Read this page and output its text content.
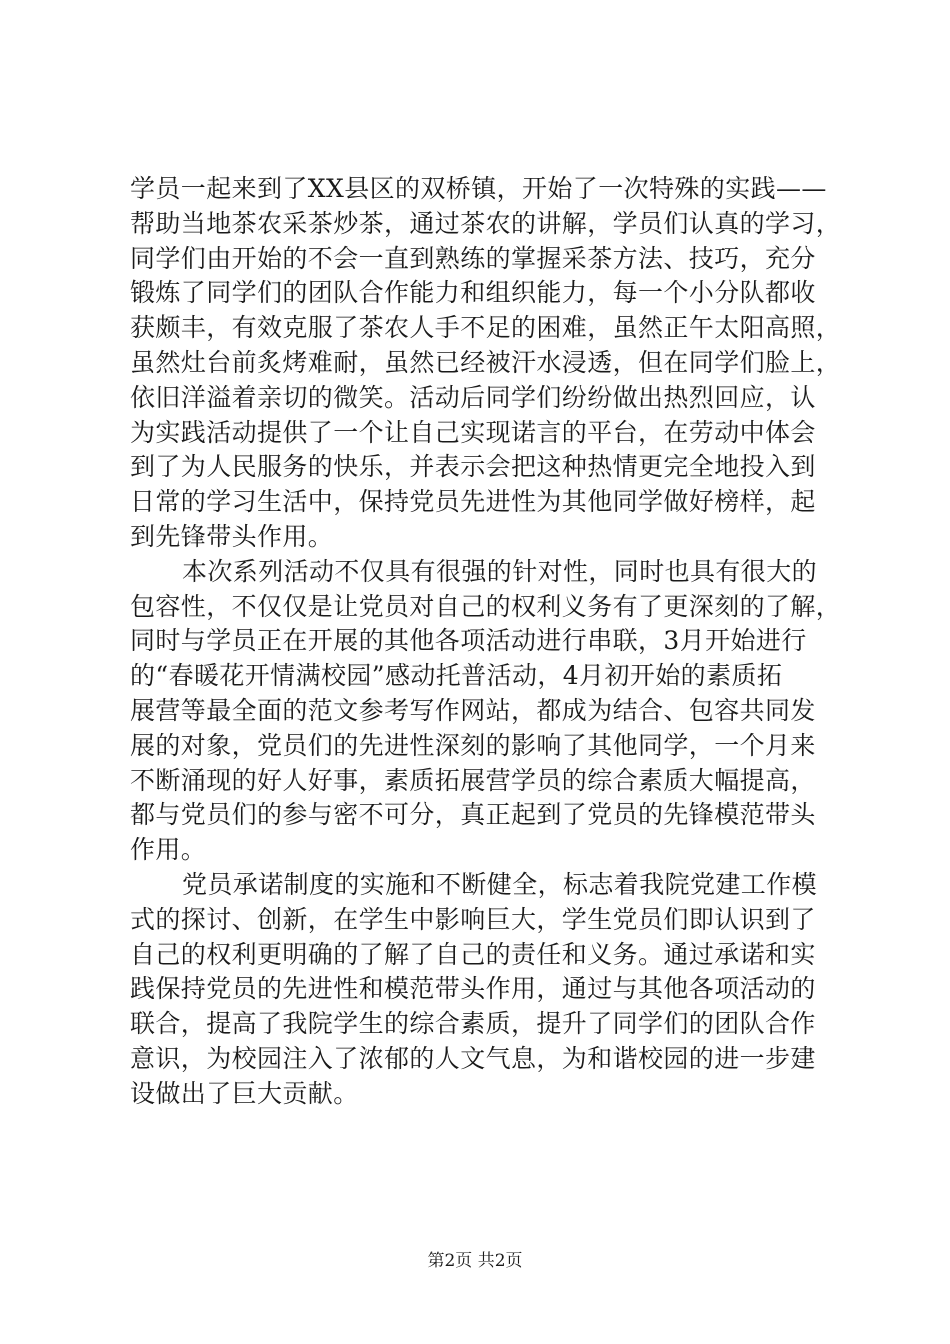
学员一起来到了XX县区的双桥镇，开始了一次特殊的实践——
帮助当地茶农采茶炒茶，通过茶农的讲解，学员们认真的学习，
同学们由开始的不会一直到熟练的掌握采茶方法、技巧，充分
锻炼了同学们的团队合作能力和组织能力，每一个小分队都收
获颇丰，有效克服了茶农人手不足的困难，虽然正午太阳高照，
虽然灶台前炙烤难耐，虽然已经被汗水浸透，但在同学们脸上，
依旧洋溢着亲切的微笑。活动后同学们纷纷做出热烈回应，认
为实践活动提供了一个让自己实现诺言的平台，在劳动中体会
到了为人民服务的快乐，并表示会把这种热情更完全地投入到
日常的学习生活中，保持党员先进性为其他同学做好榜样，起
到先锋带头作用。
本次系列活动不仅具有很强的针对性，同时也具有很大的
包容性，不仅仅是让党员对自己的权利义务有了更深刻的了解，
同时与学员正在开展的其他各项活动进行串联，3月开始进行
的“春暖花开情满校园”感动托普活动，4月初开始的素质拓
展营等最全面的范文参考写作网站，都成为结合、包容共同发
展的对象，党员们的先进性深刻的影响了其他同学，一个月来
不断涌现的好人好事，素质拓展营学员的综合素质大幅提高，
都与党员们的参与密不可分，真正起到了党员的先锋模范带头
作用。
党员承诺制度的实施和不断健全，标志着我院党建工作模
式的探讨、创新，在学生中影响巨大，学生党员们即认识到了
自己的权利更明确的了解了自己的责任和义务。通过承诺和实
践保持党员的先进性和模范带头作用，通过与其他各项活动的
联合，提高了我院学生的综合素质，提升了同学们的团队合作
意识，为校园注入了浓郁的人文气息，为和谐校园的进一步建
设做出了巨大贡献。
第2页 共2页
